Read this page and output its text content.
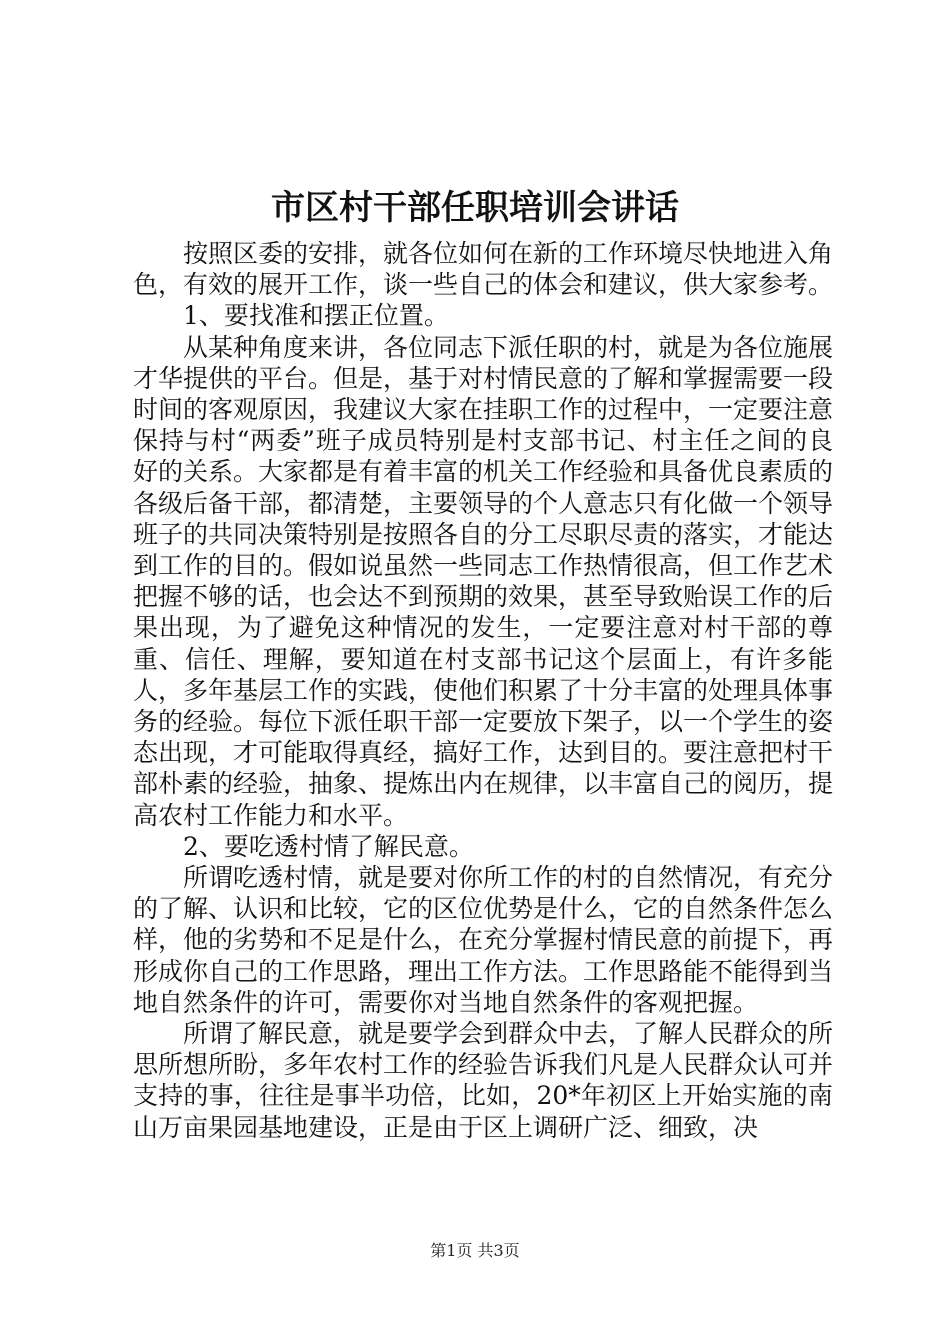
市区村干部任职培训会讲话

按照区委的安排，就各位如何在新的工作环境尽快地进入角色，有效的展开工作，谈一些自己的体会和建议，供大家参考。

1、要找准和摆正位置。

从某种角度来讲，各位同志下派任职的村，就是为各位施展才华提供的平台。但是，基于对村情民意的了解和掌握需要一段时间的客观原因，我建议大家在挂职工作的过程中，一定要注意保持与村“两委”班子成员特别是村支部书记、村主任之间的良好的关系。大家都是有着丰富的机关工作经验和具备优良素质的各级后备干部，都清楚，主要领导的个人意志只有化做一个领导班子的共同决策特别是按照各自的分工尽职尽责的落实，才能达到工作的目的。假如说虽然一些同志工作热情很高，但工作艺术把握不够的话，也会达不到预期的效果，甚至导致贻误工作的后果出现，为了避免这种情况的发生，一定要注意对村干部的尊重、信任、理解，要知道在村支部书记这个层面上，有许多能人，多年基层工作的实践，使他们积累了十分丰富的处理具体事务的经验。每位下派任职干部一定要放下架子，以一个学生的姿态出现，才可能取得真经，搞好工作，达到目的。要注意把村干部朴素的经验，抽象、提炼出内在规律，以丰富自己的阅历，提高农村工作能力和水平。

2、要吃透村情了解民意。

所谓吃透村情，就是要对你所工作的村的自然情况，有充分的了解、认识和比较，它的区位优势是什么，它的自然条件怎么样，他的劣势和不足是什么，在充分掌握村情民意的前提下，再形成你自己的工作思路，理出工作方法。工作思路能不能得到当地自然条件的许可，需要你对当地自然条件的客观把握。

所谓了解民意，就是要学会到群众中去，了解人民群众的所思所想所盼，多年农村工作的经验告诉我们凡是人民群众认可并支持的事，往往是事半功倍，比如，20*年初区上开始实施的南山万亩果园基地建设，正是由于区上调研广泛、细致，决

第1页 共3页
